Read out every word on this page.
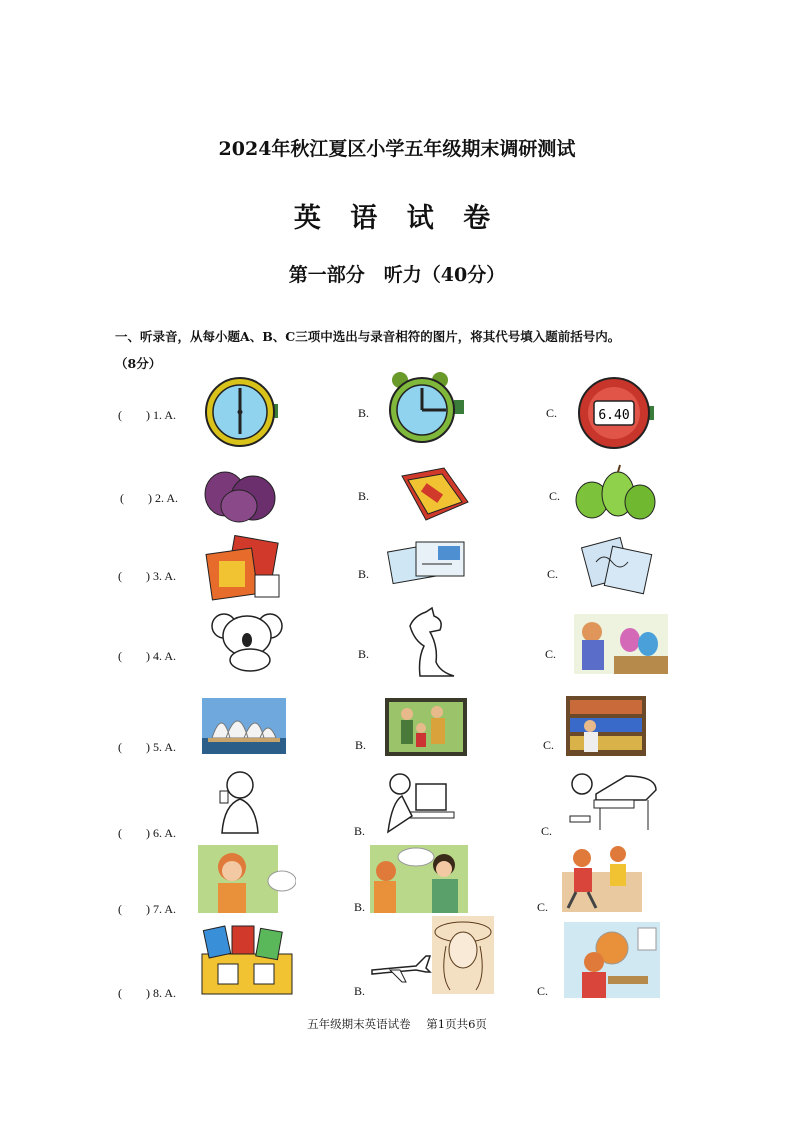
2024年秋江夏区小学五年级期末调研测试
英 语 试 卷
第一部分　听力（40分）
一、听录音，从每小题A、B、C三项中选出与录音相符的图片，将其代号填入题前括号内。
（8分）
(　　) 1. A.	B.	C.	6.40
(　　) 2. A.	B.	C.
(　　) 3. A.	B.	C.
(　　) 4. A.	B.	C.
(　　) 5. A.	B.	C.
(　　) 6. A.	B.	C.
(　　) 7. A.	B.	C.
(　　) 8. A.	B.	C.
五年级期末英语试卷 第1页共6页
